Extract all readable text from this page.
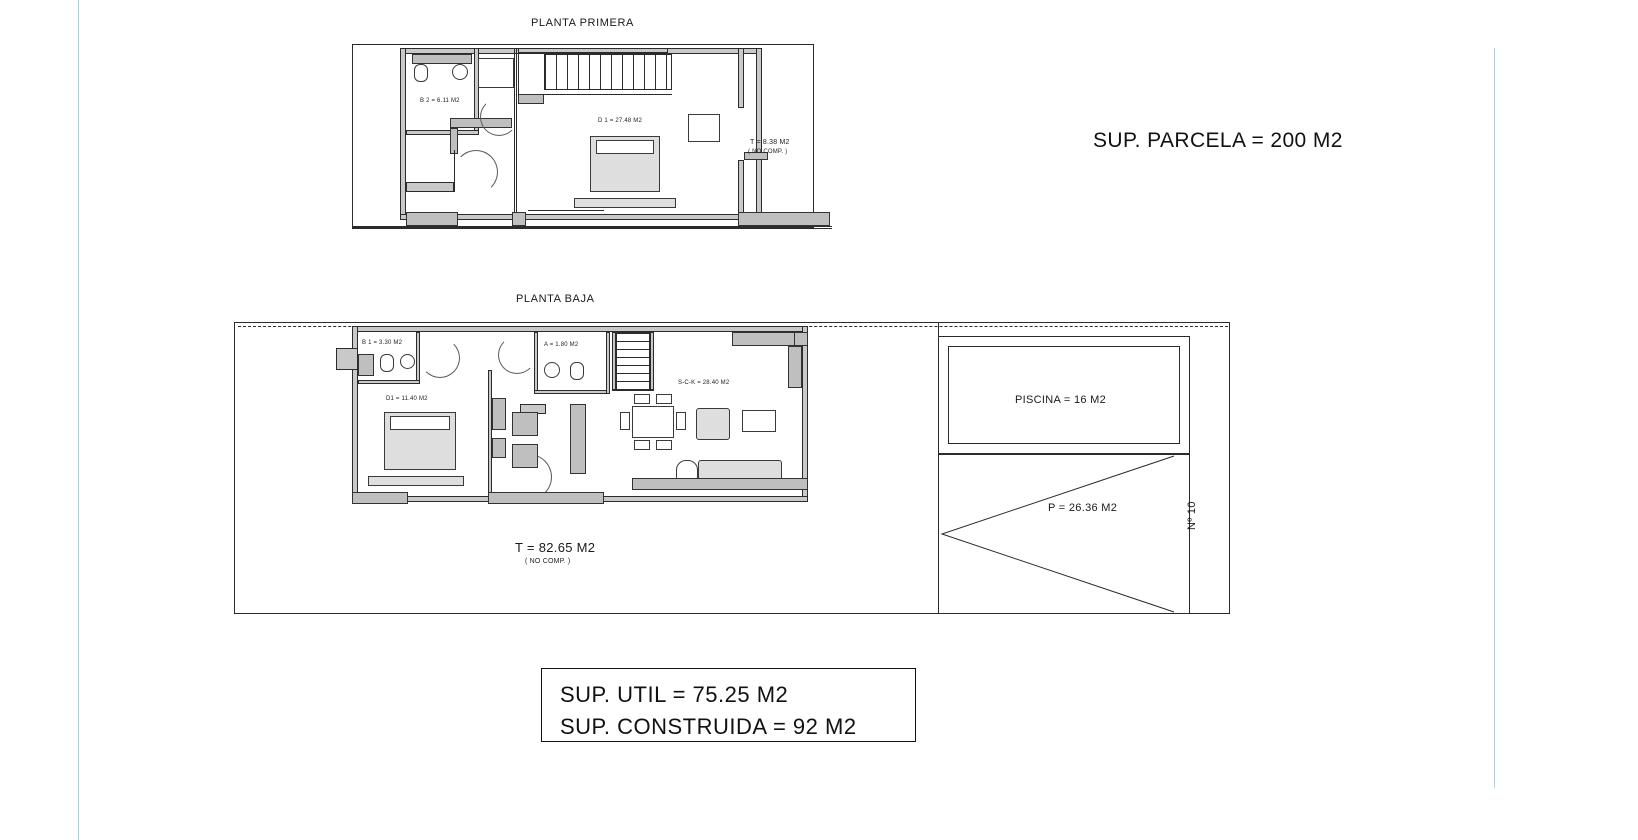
PLANTA PRIMERA
B 2 = 6.11 M2
D 1 = 27.48 M2
T = 8.38 M2
( NO COMP. )	SUP. PARCELA = 200 M2
PLANTA BAJA
B 1 = 3.30 M2	A = 1.80 M2
D1 = 11.40 M2
S-C-K = 28.40 M2
T = 82.65 M2
( NO COMP. )
PISCINA = 16 M2
P = 26.36 M2	Nº 10
SUP. UTIL = 75.25 M2
SUP. CONSTRUIDA = 92 M2
